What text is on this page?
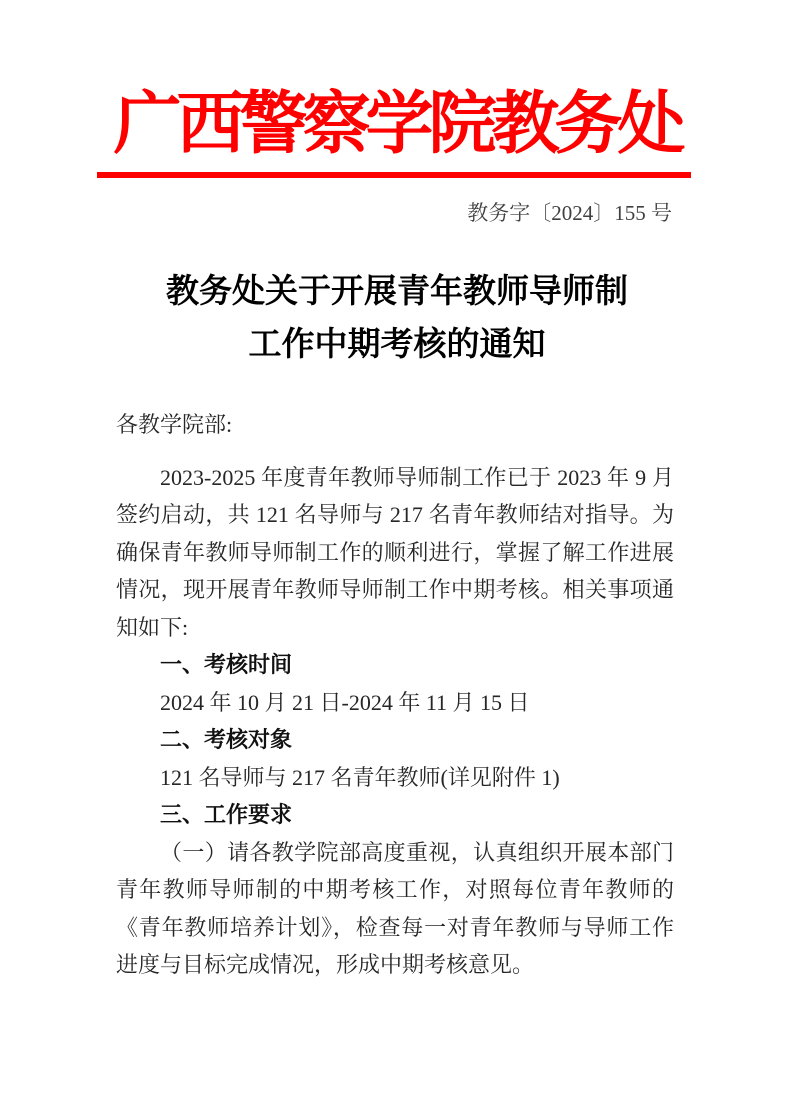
广西警察学院教务处
教务字〔2024〕155 号
教务处关于开展青年教师导师制
工作中期考核的通知
各教学院部:

2023-2025 年度青年教师导师制工作已于 2023 年 9 月签约启动，共 121 名导师与 217 名青年教师结对指导。为确保青年教师导师制工作的顺利进行，掌握了解工作进展情况，现开展青年教师导师制工作中期考核。相关事项通知如下:

一、考核时间
2024 年 10 月 21 日-2024 年 11 月 15 日
二、考核对象
121 名导师与 217 名青年教师(详见附件 1)
三、工作要求

（一）请各教学院部高度重视，认真组织开展本部门青年教师导师制的中期考核工作，对照每位青年教师的《青年教师培养计划》，检查每一对青年教师与导师工作进度与目标完成情况，形成中期考核意见。
